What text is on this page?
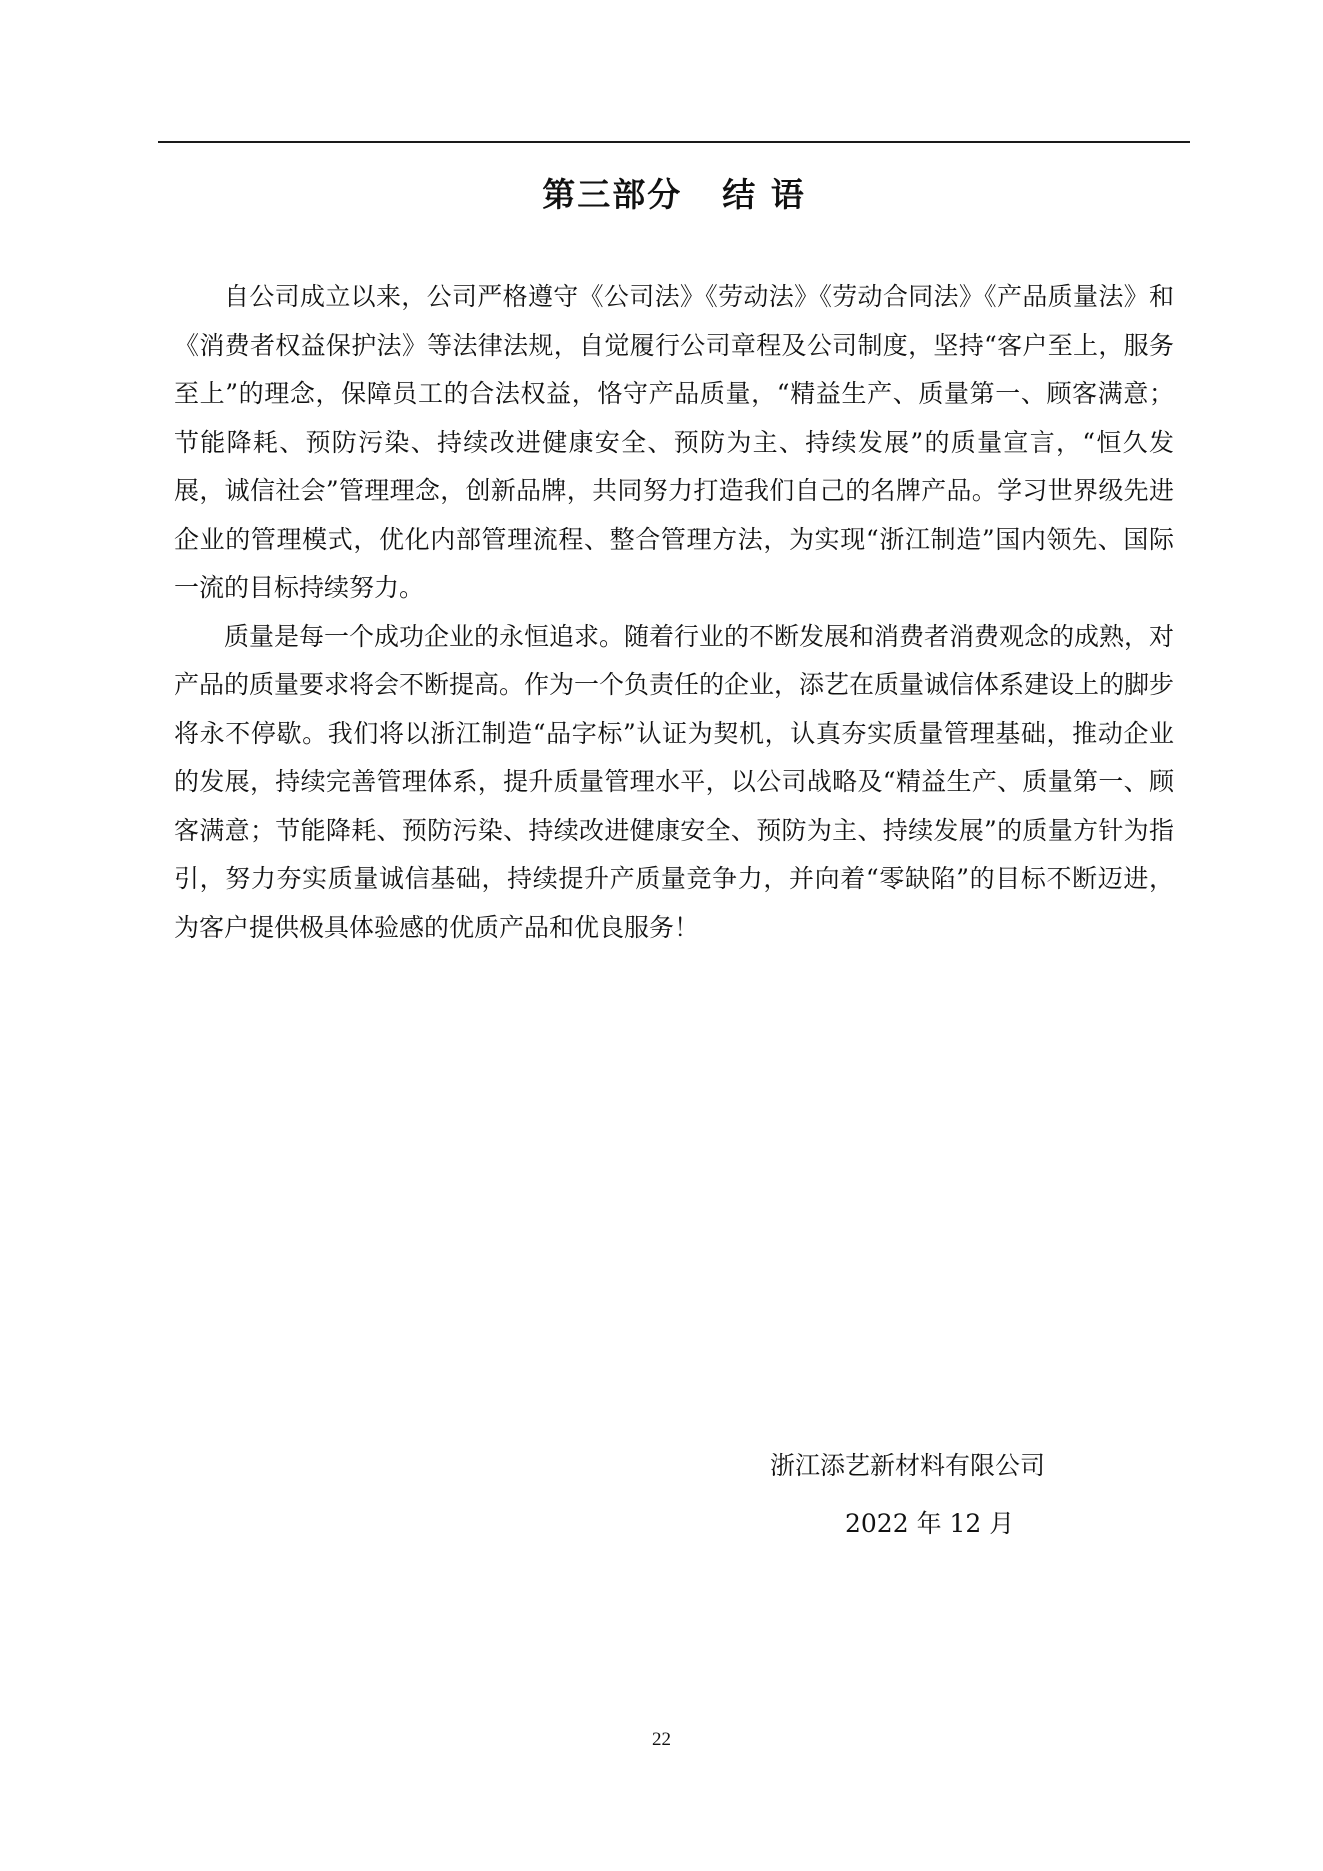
第三部分 结 语

自公司成立以来，公司严格遵守《公司法》《劳动法》《劳动合同法》《产品质量法》和《消费者权益保护法》等法律法规，自觉履行公司章程及公司制度，坚持“客户至上，服务至上”的理念，保障员工的合法权益，恪守产品质量，“精益生产、质量第一、顾客满意；节能降耗、预防污染、持续改进健康安全、预防为主、持续发展”的质量宣言，“恒久发展，诚信社会”管理理念，创新品牌，共同努力打造我们自己的名牌产品。学习世界级先进企业的管理模式，优化内部管理流程、整合管理方法，为实现“浙江制造”国内领先、国际一流的目标持续努力。

质量是每一个成功企业的永恒追求。随着行业的不断发展和消费者消费观念的成熟，对产品的质量要求将会不断提高。作为一个负责任的企业，添艺在质量诚信体系建设上的脚步将永不停歇。我们将以浙江制造“品字标”认证为契机，认真夯实质量管理基础，推动企业的发展，持续完善管理体系，提升质量管理水平，以公司战略及“精益生产、质量第一、顾客满意；节能降耗、预防污染、持续改进健康安全、预防为主、持续发展”的质量方针为指引，努力夯实质量诚信基础，持续提升产质量竞争力，并向着“零缺陷”的目标不断迈进，为客户提供极具体验感的优质产品和优良服务！

浙江添艺新材料有限公司
2022 年 12 月
22
